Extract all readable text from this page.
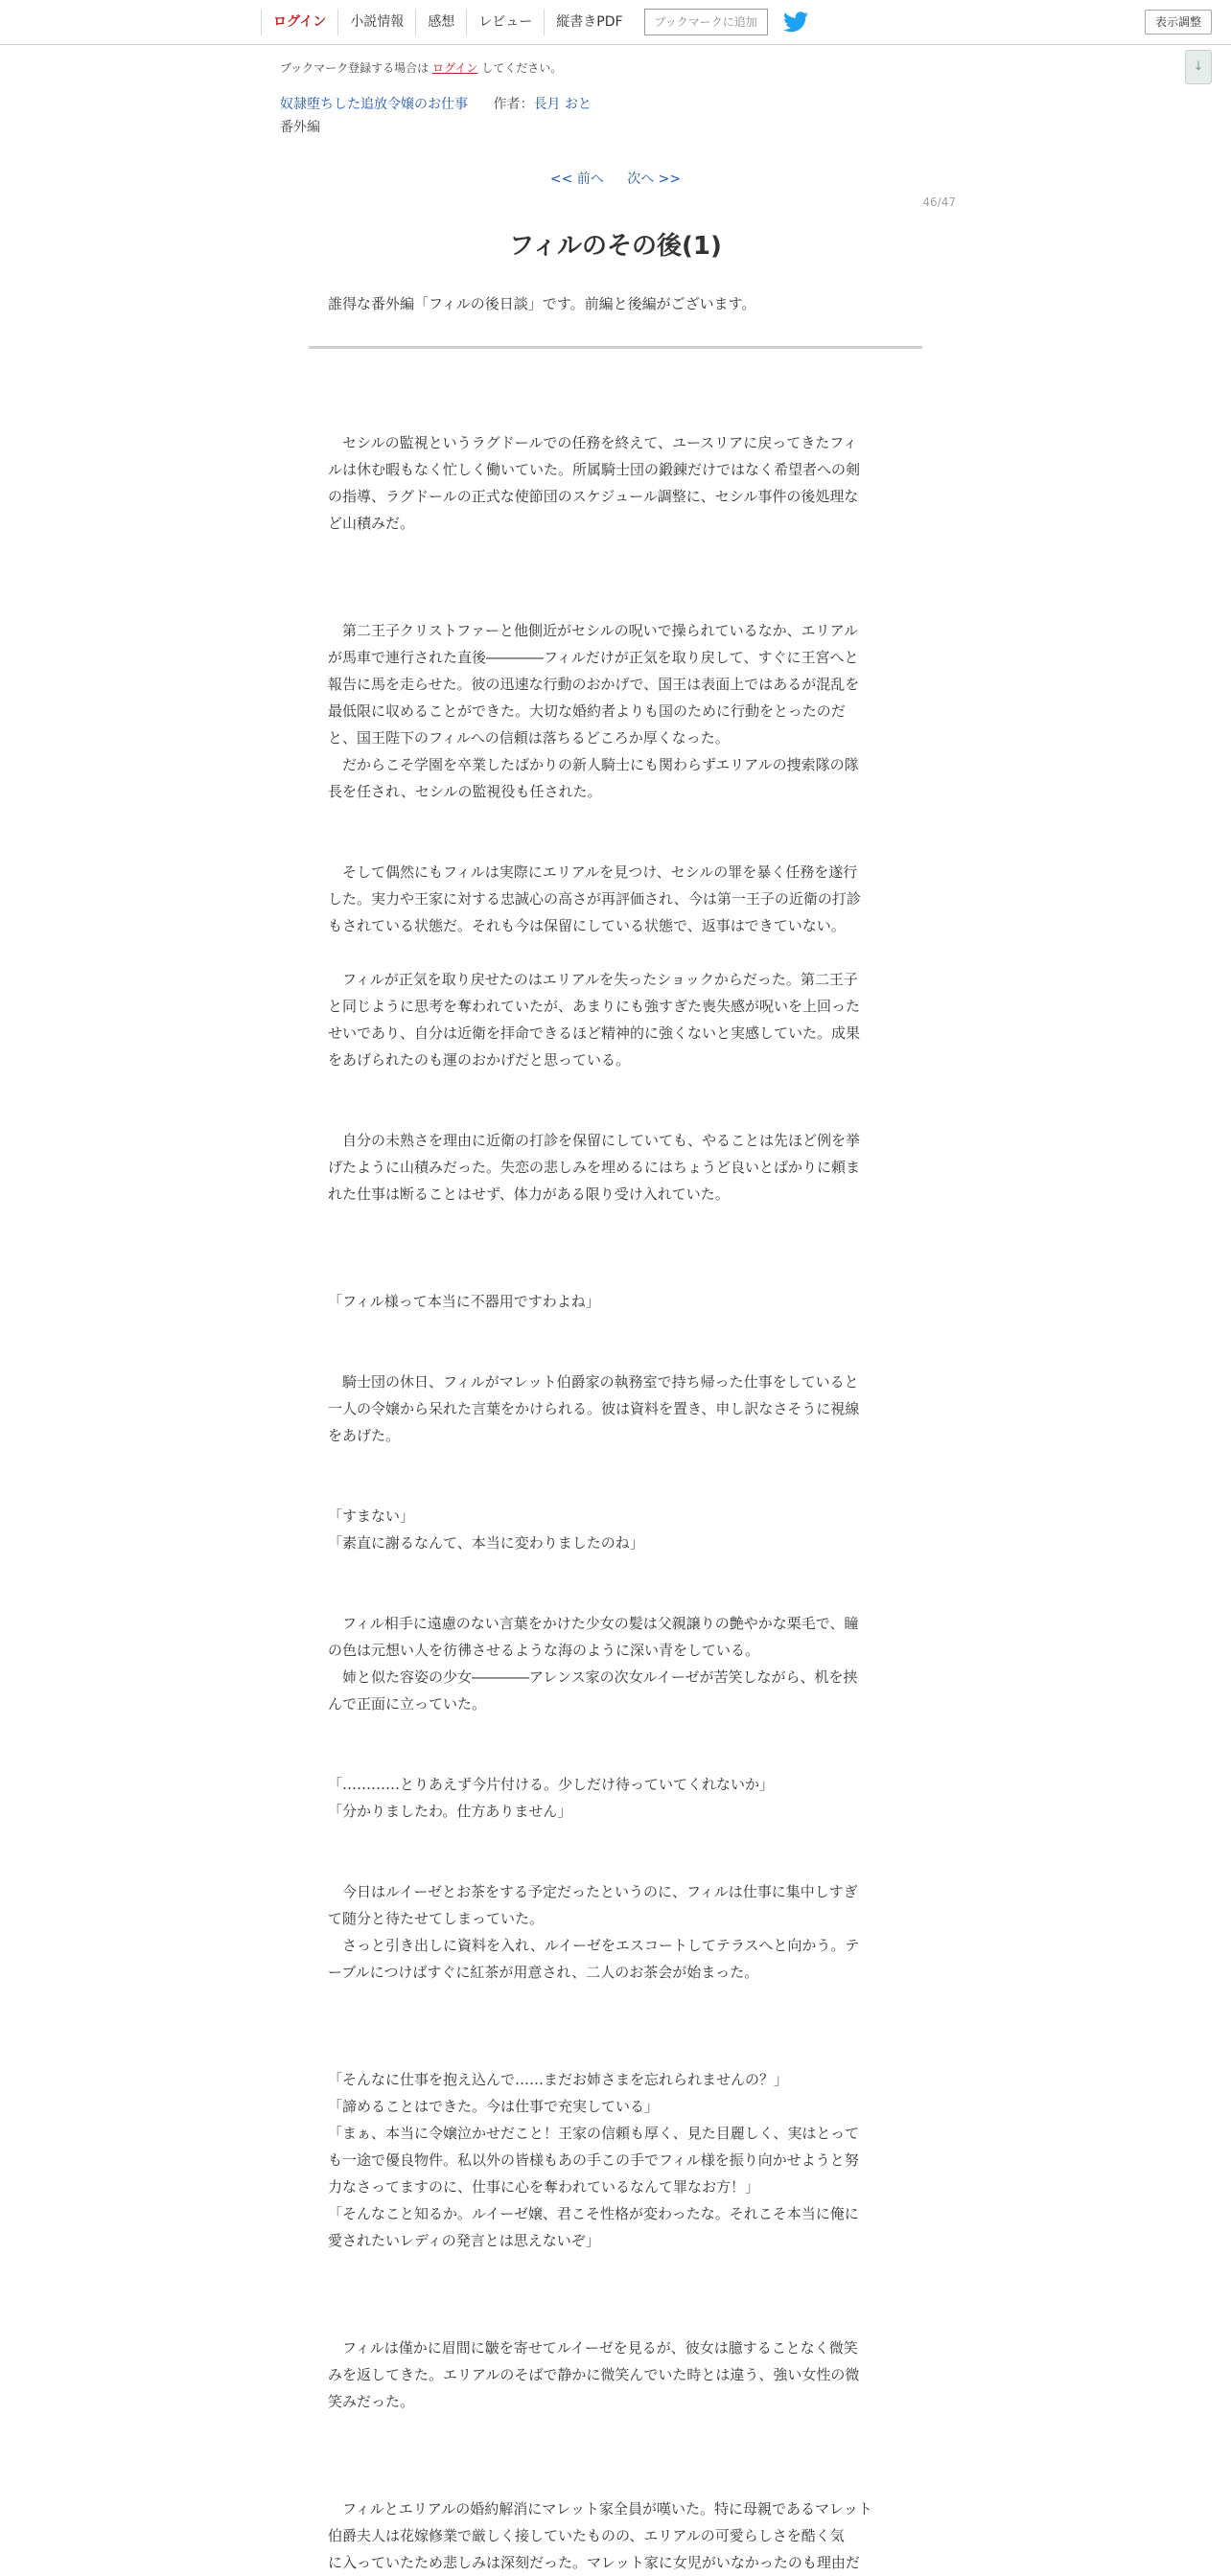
ログイン	小説情報	感想	レビュー	縦書きPDF	ブックマークに追加	表示調整
↓
ブックマーク登録する場合は ログイン してください。
奴隷堕ちした追放令嬢のお仕事 作者：長月 おと
番外編
<< 前へ 次へ >>
46/47
フィルのその後(1)
誰得な番外編「フィルの後日談」です。前編と後編がございます。
　セシルの監視というラグドールでの任務を終えて、ユースリアに戻ってきたフィ
ルは休む暇もなく忙しく働いていた。所属騎士団の鍛錬だけではなく希望者への剣
の指導、ラグドールの正式な使節団のスケジュール調整に、セシル事件の後処理な
ど山積みだ。
　第二王子クリストファーと他側近がセシルの呪いで操られているなか、エリアル
が馬車で連行された直後――――フィルだけが正気を取り戻して、すぐに王宮へと
報告に馬を走らせた。彼の迅速な行動のおかげで、国王は表面上ではあるが混乱を
最低限に収めることができた。大切な婚約者よりも国のために行動をとったのだ
と、国王陛下のフィルへの信頼は落ちるどころか厚くなった。
　だからこそ学園を卒業したばかりの新人騎士にも関わらずエリアルの捜索隊の隊
長を任され、セシルの監視役も任された。
　そして偶然にもフィルは実際にエリアルを見つけ、セシルの罪を暴く任務を遂行
した。実力や王家に対する忠誠心の高さが再評価され、今は第一王子の近衛の打診
もされている状態だ。それも今は保留にしている状態で、返事はできていない。
　フィルが正気を取り戻せたのはエリアルを失ったショックからだった。第二王子
と同じように思考を奪われていたが、あまりにも強すぎた喪失感が呪いを上回った
せいであり、自分は近衛を拝命できるほど精神的に強くないと実感していた。成果
をあげられたのも運のおかげだと思っている。
　自分の未熟さを理由に近衛の打診を保留にしていても、やることは先ほど例を挙
げたように山積みだった。失恋の悲しみを埋めるにはちょうど良いとばかりに頼ま
れた仕事は断ることはせず、体力がある限り受け入れていた。
「フィル様って本当に不器用ですわよね」
　騎士団の休日、フィルがマレット伯爵家の執務室で持ち帰った仕事をしていると
一人の令嬢から呆れた言葉をかけられる。彼は資料を置き、申し訳なさそうに視線
をあげた。
「すまない」
「素直に謝るなんて、本当に変わりましたのね」
　フィル相手に遠慮のない言葉をかけた少女の髪は父親譲りの艶やかな栗毛で、瞳
の色は元想い人を彷彿させるような海のように深い青をしている。
　姉と似た容姿の少女――――アレンス家の次女ルイーゼが苦笑しながら、机を挟
んで正面に立っていた。
「…………とりあえず今片付ける。少しだけ待っていてくれないか」
「分かりましたわ。仕方ありません」
　今日はルイーゼとお茶をする予定だったというのに、フィルは仕事に集中しすぎ
て随分と待たせてしまっていた。
　さっと引き出しに資料を入れ、ルイーゼをエスコートしてテラスへと向かう。テ
ーブルにつけばすぐに紅茶が用意され、二人のお茶会が始まった。
「そんなに仕事を抱え込んで……まだお姉さまを忘れられませんの？」
「諦めることはできた。今は仕事で充実している」
「まぁ、本当に令嬢泣かせだこと！王家の信頼も厚く、見た目麗しく、実はとって
も一途で優良物件。私以外の皆様もあの手この手でフィル様を振り向かせようと努
力なさってますのに、仕事に心を奪われているなんて罪なお方！」
「そんなこと知るか。ルイーゼ嬢、君こそ性格が変わったな。それこそ本当に俺に
愛されたいレディの発言とは思えないぞ」
　フィルは僅かに眉間に皺を寄せてルイーゼを見るが、彼女は臆することなく微笑
みを返してきた。エリアルのそばで静かに微笑んでいた時とは違う、強い女性の微
笑みだった。
　フィルとエリアルの婚約解消にマレット家全員が嘆いた。特に母親であるマレット
伯爵夫人は花嫁修業で厳しく接していたものの、エリアルの可愛らしさを酷く気
に入っていたため悲しみは深刻だった。マレット家に女児がいなかったのも理由だ
